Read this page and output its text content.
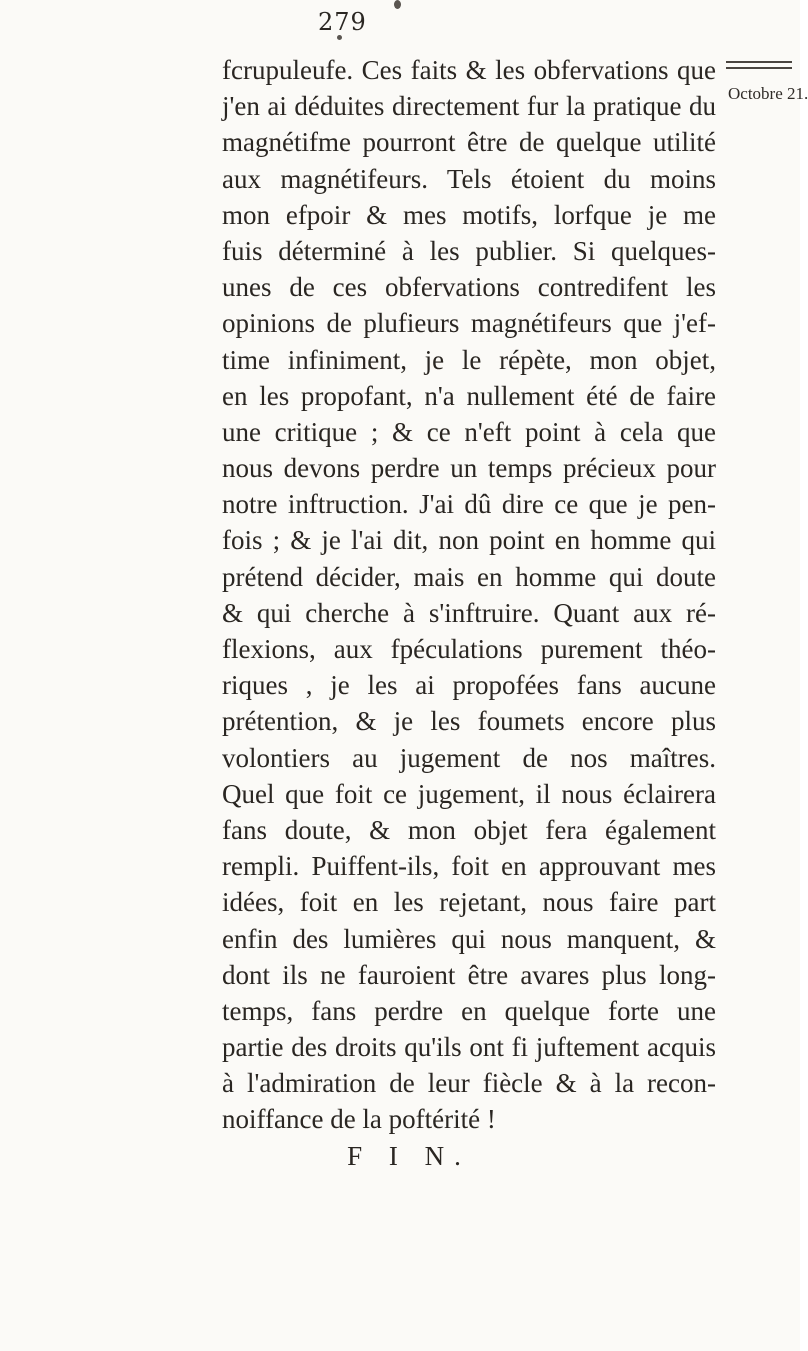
279
Octobre 21.
fcrupuleufe. Ces faits & les obfervations que
j'en ai déduites directement fur la pratique du
magnétifme pourront être de quelque utilité
aux magnétifeurs. Tels étoient du moins
mon efpoir & mes motifs, lorfque je me
fuis déterminé à les publier. Si quelques-
unes de ces obfervations contredifent les
opinions de plufieurs magnétifeurs que j'ef-
time infiniment, je le répète, mon objet,
en les propofant, n'a nullement été de faire
une critique ; & ce n'eft point à cela que
nous devons perdre un temps précieux pour
notre inftruction. J'ai dû dire ce que je pen-
fois ; & je l'ai dit, non point en homme qui
prétend décider, mais en homme qui doute
& qui cherche à s'inftruire. Quant aux ré-
flexions, aux fpéculations purement théo-
riques , je les ai propofées fans aucune
prétention, & je les foumets encore plus
volontiers au jugement de nos maîtres.
Quel que foit ce jugement, il nous éclairera
fans doute, & mon objet fera également
rempli. Puiffent-ils, foit en approuvant mes
idées, foit en les rejetant, nous faire part
enfin des lumières qui nous manquent, &
dont ils ne fauroient être avares plus long-
temps, fans perdre en quelque forte une
partie des droits qu'ils ont fi juftement acquis
à l'admiration de leur fiècle & à la recon-
noiffance de la poftérité !
F I N.
